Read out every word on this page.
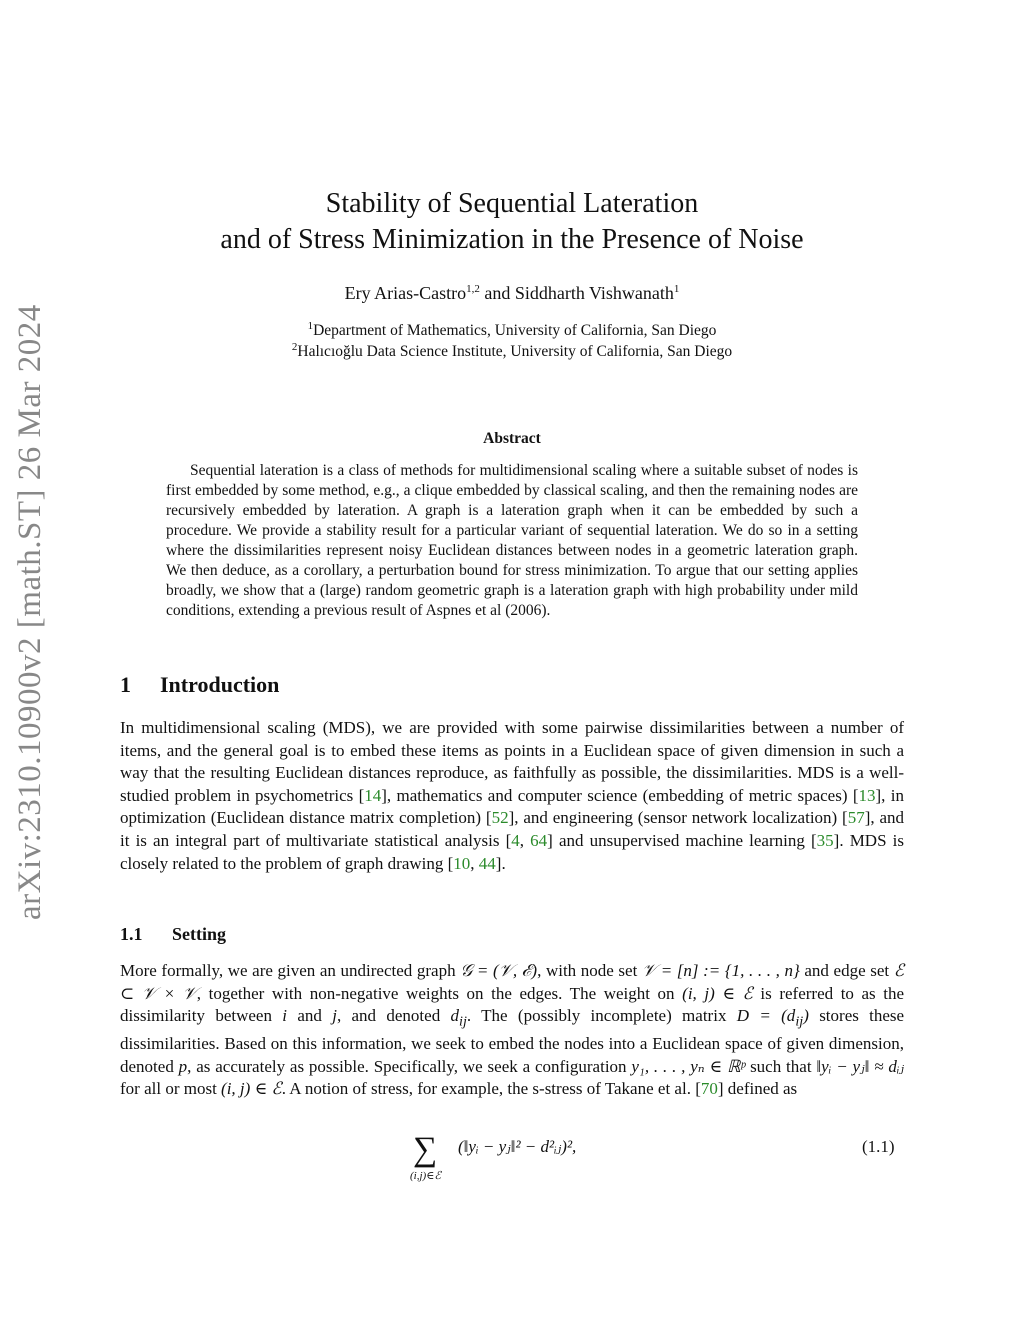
arXiv:2310.10900v2 [math.ST] 26 Mar 2024
Stability of Sequential Lateration
and of Stress Minimization in the Presence of Noise
Ery Arias-Castro$^{1,2}$ and Siddharth Vishwanath$^1$
$^1$Department of Mathematics, University of California, San Diego
$^2$Halıcıoğlu Data Science Institute, University of California, San Diego
Abstract

Sequential lateration is a class of methods for multidimensional scaling where a suitable subset of nodes is first embedded by some method, e.g., a clique embedded by classical scaling, and then the remaining nodes are recursively embedded by lateration. A graph is a lateration graph when it can be embedded by such a procedure. We provide a stability result for a particular variant of sequential lateration. We do so in a setting where the dissimilarities represent noisy Euclidean distances between nodes in a geometric lateration graph. We then deduce, as a corollary, a perturbation bound for stress minimization. To argue that our setting applies broadly, we show that a (large) random geometric graph is a lateration graph with high probability under mild conditions, extending a previous result of Aspnes et al (2006).

1 Introduction

In multidimensional scaling (MDS), we are provided with some pairwise dissimilarities between a number of items, and the general goal is to embed these items as points in a Euclidean space of given dimension in such a way that the resulting Euclidean distances reproduce, as faithfully as possible, the dissimilarities. MDS is a well-studied problem in psychometrics [14], mathematics and computer science (embedding of metric spaces) [13], in optimization (Euclidean distance matrix completion) [52], and engineering (sensor network localization) [57], and it is an integral part of multivariate statistical analysis [4, 64] and unsupervised machine learning [35]. MDS is closely related to the problem of graph drawing [10, 44].

1.1 Setting

More formally, we are given an undirected graph 𝒢 = (𝒱, ℰ), with node set 𝒱 = [n] := {1, . . . , n} and edge set ℰ ⊂ 𝒱 × 𝒱, together with non-negative weights on the edges. The weight on (i, j) ∈ ℰ is referred to as the dissimilarity between i and j, and denoted $d_{ij}$. The (possibly incomplete) matrix $D = (d_{ij})$ stores these dissimilarities. Based on this information, we seek to embed the nodes into a Euclidean space of given dimension, denoted p, as accurately as possible. Specifically, we seek a configuration y₁, . . . , yₙ ∈ ℝᵖ such that ‖yᵢ − yⱼ‖ ≈ dᵢⱼ for all or most (i, j) ∈ ℰ. A notion of stress, for example, the s-stress of Takane et al. [70] defined as

∑
(i,j)∈ℰ
(‖yᵢ − yⱼ‖² − d²ᵢⱼ)²,	(1.1)
